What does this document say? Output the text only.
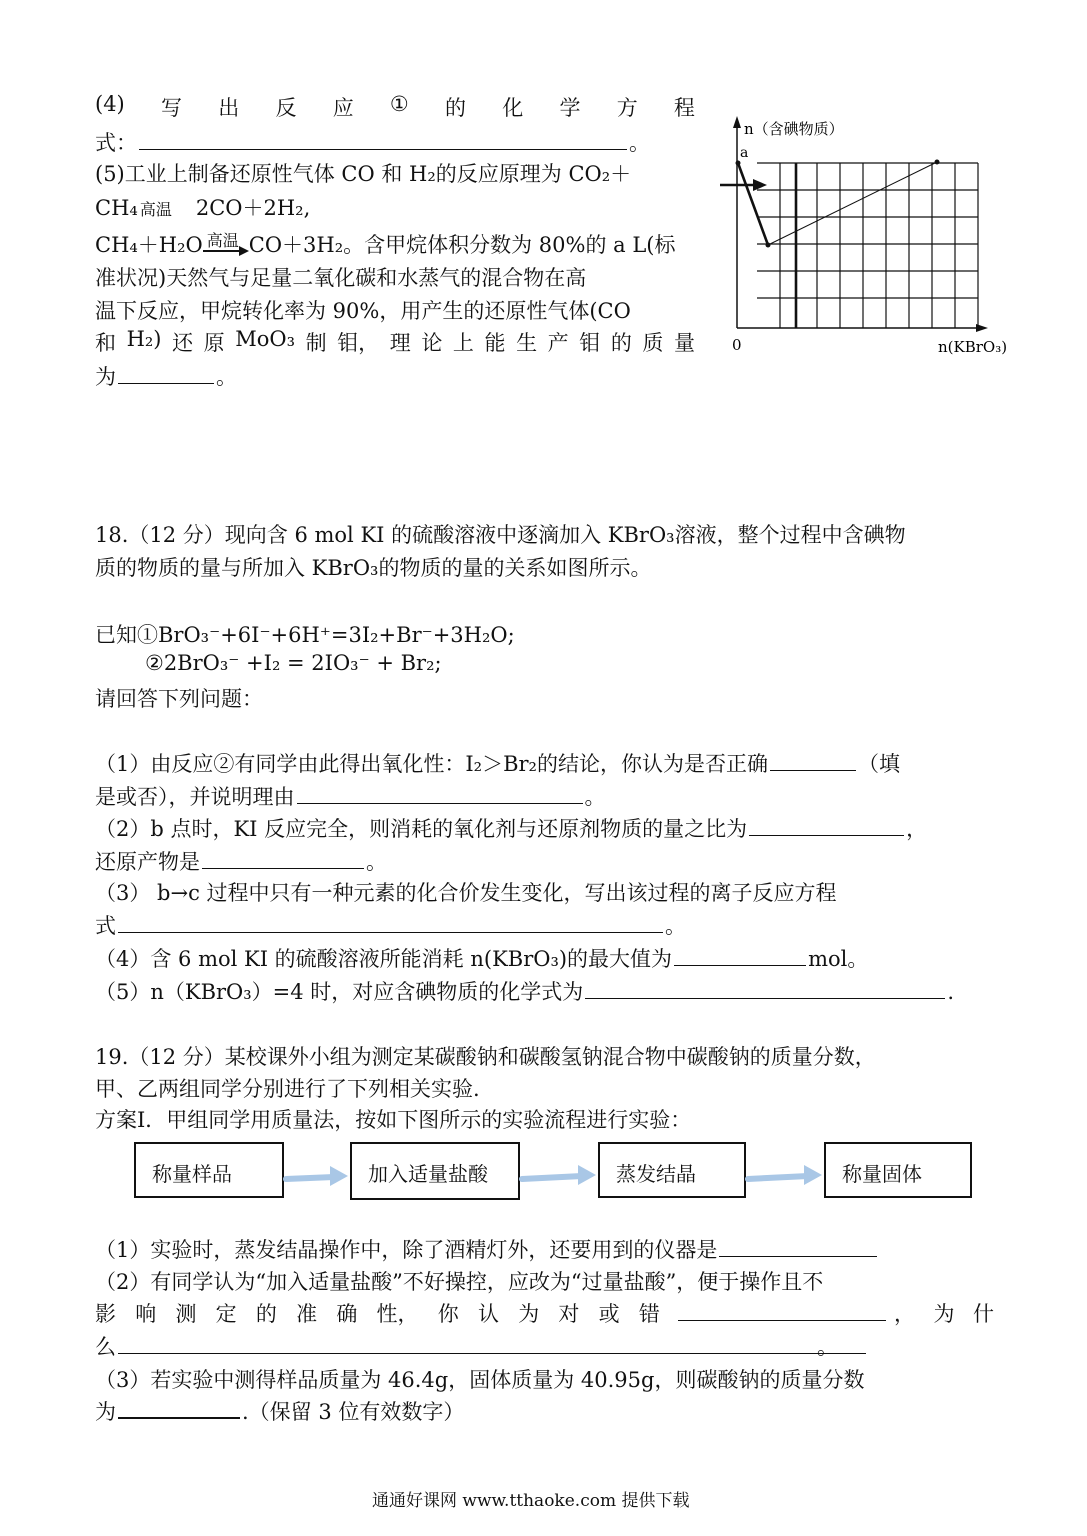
(4) 写 出 反 应 ① 的 化 学 方 程
式：	。
(5)工业上制备还原性气体 CO 和 H₂的反应原理为 CO₂＋
CH₄ 高温 2CO＋2H₂,
CH₄＋H₂O 高温 CO＋3H₂。含甲烷体积分数为 80%的 a L(标
准状况)天然气与足量二氧化碳和水蒸气的混合物在高
温下反应，甲烷转化率为 90%，用产生的还原性气体(CO
和 H₂) 还 原 MoO₃ 制 钼， 理 论 上 能 生 产 钼 的 质 量
为	。
a
n（含碘物质）
n(KBrO₃)
0
18.（12 分）现向含 6 mol KI 的硫酸溶液中逐滴加入 KBrO₃溶液，整个过程中含碘物
质的物质的量与所加入 KBrO₃的物质的量的关系如图所示。
已知①BrO₃⁻+6I⁻+6H⁺=3I₂+Br⁻+3H₂O;
②2BrO₃⁻ +I₂ = 2IO₃⁻ + Br₂;
请回答下列问题：
（1）由反应②有同学由此得出氧化性：I₂＞Br₂的结论，你认为是否正确	（填
是或否），并说明理由	。
（2）b 点时，KI 反应完全，则消耗的氧化剂与还原剂物质的量之比为	，
还原产物是	。
（3） b→c 过程中只有一种元素的化合价发生变化，写出该过程的离子反应方程
式	。
（4）含 6 mol KI 的硫酸溶液所能消耗 n(KBrO₃)的最大值为	mol。
（5）n（KBrO₃）=4 时，对应含碘物质的化学式为	.
19.（12 分）某校课外小组为测定某碳酸钠和碳酸氢钠混合物中碳酸钠的质量分数，
甲、乙两组同学分别进行了下列相关实验.
方案Ⅰ．甲组同学用质量法，按如下图所示的实验流程进行实验：
称量样品	加入适量盐酸	蒸发结晶	称量固体
（1）实验时，蒸发结晶操作中，除了酒精灯外，还要用到的仪器是
（2）有同学认为“加入适量盐酸”不好操控，应改为“过量盐酸”，便于操作且不
影 响 测 定 的 准 确 性， 你 认 为 对 或 错	， 为 什
么	。
（3）若实验中测得样品质量为 46.4g，固体质量为 40.95g，则碳酸钠的质量分数
为	.（保留 3 位有效数字）
通通好课网 www.tthaoke.com 提供下载
